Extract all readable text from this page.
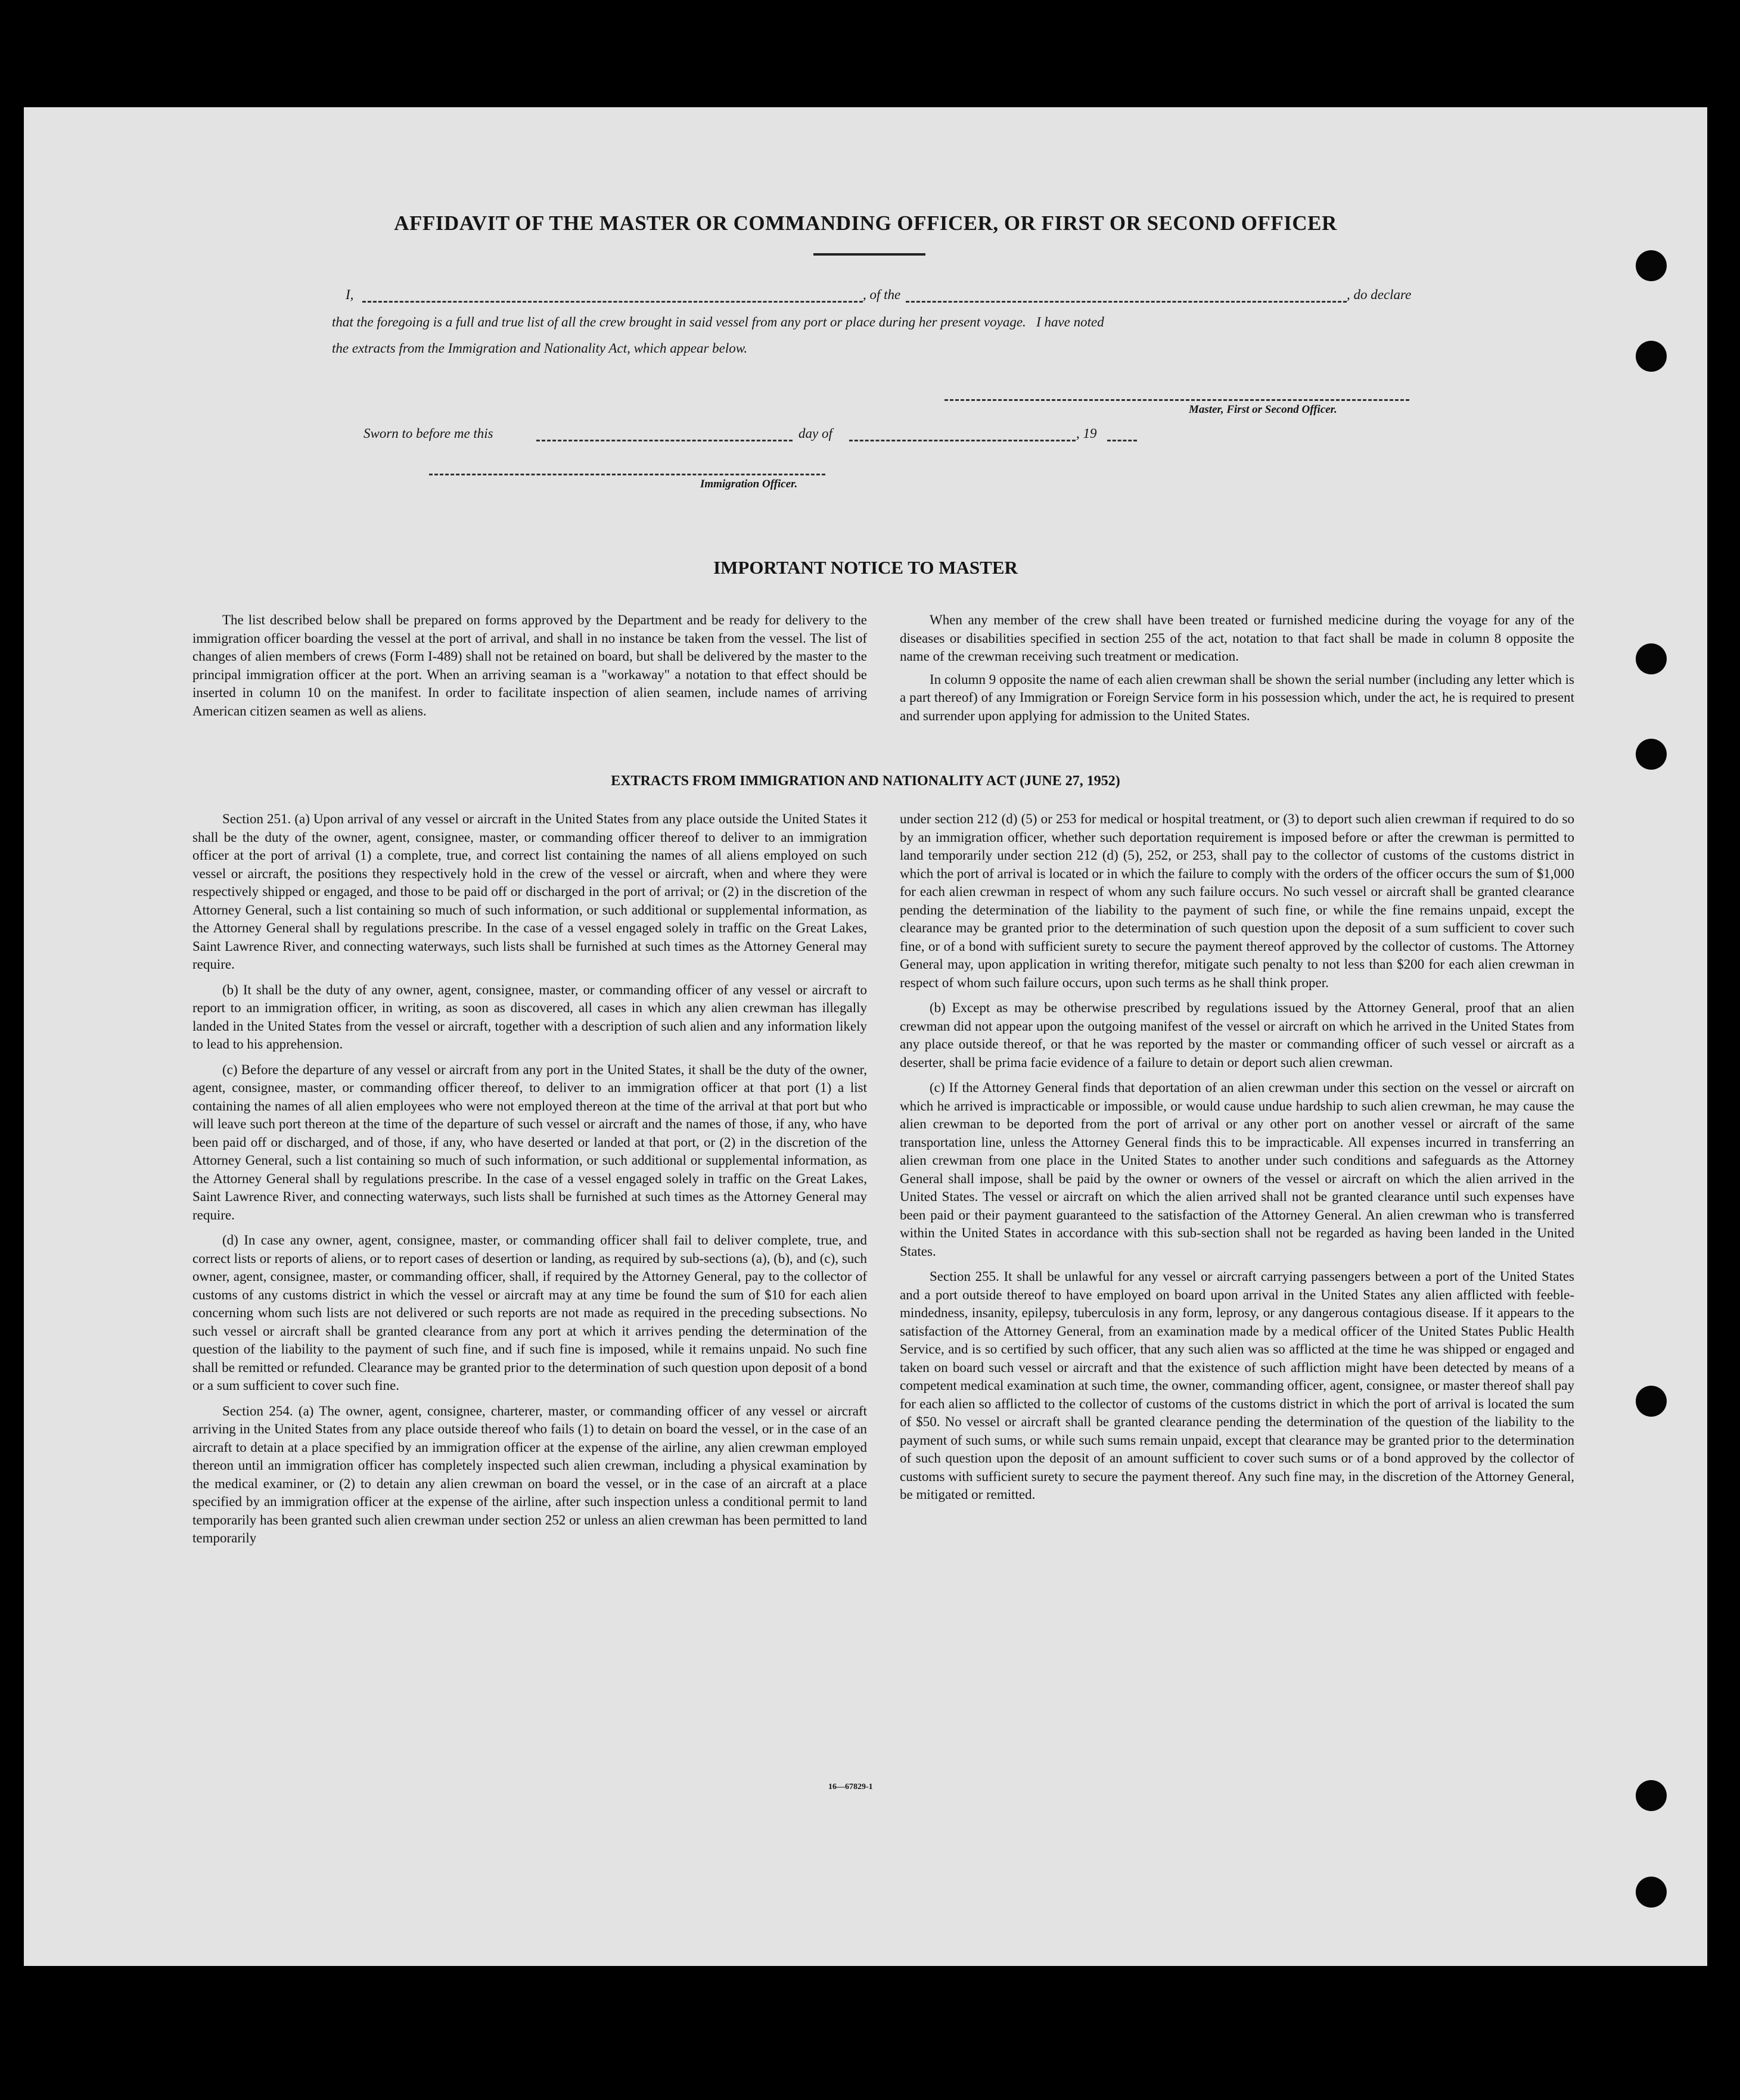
AFFIDAVIT OF THE MASTER OR COMMANDING OFFICER, OR FIRST OR SECOND OFFICER
I,	, of the	, do declare
that the foregoing is a full and true list of all the crew brought in said vessel from any port or place during her present voyage.   I have noted
the extracts from the Immigration and Nationality Act, which appear below.
Master, First or Second Officer.
Sworn to before me this	day of	, 19
Immigration Officer.
IMPORTANT NOTICE TO MASTER

The list described below shall be prepared on forms approved by the Department and be ready for delivery to the immigration officer boarding the vessel at the port of arrival, and shall in no instance be taken from the vessel. The list of changes of alien members of crews (Form I-489) shall not be retained on board, but shall be delivered by the master to the principal immigration officer at the port. When an arriving seaman is a "workaway" a notation to that effect should be inserted in column 10 on the manifest. In order to facilitate inspection of alien seamen, include names of arriving American citizen seamen as well as aliens.

When any member of the crew shall have been treated or furnished medicine during the voyage for any of the diseases or disabilities specified in section 255 of the act, notation to that fact shall be made in column 8 opposite the name of the crewman receiving such treatment or medication.

In column 9 opposite the name of each alien crewman shall be shown the serial number (including any letter which is a part thereof) of any Immigration or Foreign Service form in his possession which, under the act, he is required to present and surrender upon applying for admission to the United States.

EXTRACTS FROM IMMIGRATION AND NATIONALITY ACT (JUNE 27, 1952)

Section 251. (a) Upon arrival of any vessel or aircraft in the United States from any place outside the United States it shall be the duty of the owner, agent, consignee, master, or commanding officer thereof to deliver to an immigration officer at the port of arrival (1) a complete, true, and correct list containing the names of all aliens employed on such vessel or aircraft, the positions they respectively hold in the crew of the vessel or aircraft, when and where they were respectively shipped or engaged, and those to be paid off or discharged in the port of arrival; or (2) in the discretion of the Attorney General, such a list containing so much of such information, or such additional or supplemental information, as the Attorney General shall by regulations prescribe. In the case of a vessel engaged solely in traffic on the Great Lakes, Saint Lawrence River, and connecting waterways, such lists shall be furnished at such times as the Attorney General may require.

(b) It shall be the duty of any owner, agent, consignee, master, or commanding officer of any vessel or aircraft to report to an immigration officer, in writing, as soon as discovered, all cases in which any alien crewman has illegally landed in the United States from the vessel or aircraft, together with a description of such alien and any information likely to lead to his apprehension.

(c) Before the departure of any vessel or aircraft from any port in the United States, it shall be the duty of the owner, agent, consignee, master, or commanding officer thereof, to deliver to an immigration officer at that port (1) a list containing the names of all alien employees who were not employed thereon at the time of the arrival at that port but who will leave such port thereon at the time of the departure of such vessel or aircraft and the names of those, if any, who have been paid off or discharged, and of those, if any, who have deserted or landed at that port, or (2) in the discretion of the Attorney General, such a list containing so much of such information, or such additional or supplemental information, as the Attorney General shall by regulations prescribe. In the case of a vessel engaged solely in traffic on the Great Lakes, Saint Lawrence River, and connecting waterways, such lists shall be furnished at such times as the Attorney General may require.

(d) In case any owner, agent, consignee, master, or commanding officer shall fail to deliver complete, true, and correct lists or reports of aliens, or to report cases of desertion or landing, as required by sub-sections (a), (b), and (c), such owner, agent, consignee, master, or commanding officer, shall, if required by the Attorney General, pay to the collector of customs of any customs district in which the vessel or aircraft may at any time be found the sum of $10 for each alien concerning whom such lists are not delivered or such reports are not made as required in the preceding subsections. No such vessel or aircraft shall be granted clearance from any port at which it arrives pending the determination of the question of the liability to the payment of such fine, and if such fine is imposed, while it remains unpaid. No such fine shall be remitted or refunded. Clearance may be granted prior to the determination of such question upon deposit of a bond or a sum sufficient to cover such fine.

Section 254. (a) The owner, agent, consignee, charterer, master, or commanding officer of any vessel or aircraft arriving in the United States from any place outside thereof who fails (1) to detain on board the vessel, or in the case of an aircraft to detain at a place specified by an immigration officer at the expense of the airline, any alien crewman employed thereon until an immigration officer has completely inspected such alien crewman, including a physical examination by the medical examiner, or (2) to detain any alien crewman on board the vessel, or in the case of an aircraft at a place specified by an immigration officer at the expense of the airline, after such inspection unless a conditional permit to land temporarily has been granted such alien crewman under section 252 or unless an alien crewman has been permitted to land temporarily

under section 212 (d) (5) or 253 for medical or hospital treatment, or (3) to deport such alien crewman if required to do so by an immigration officer, whether such deportation requirement is imposed before or after the crewman is permitted to land temporarily under section 212 (d) (5), 252, or 253, shall pay to the collector of customs of the customs district in which the port of arrival is located or in which the failure to comply with the orders of the officer occurs the sum of $1,000 for each alien crewman in respect of whom any such failure occurs. No such vessel or aircraft shall be granted clearance pending the determination of the liability to the payment of such fine, or while the fine remains unpaid, except the clearance may be granted prior to the determination of such question upon the deposit of a sum sufficient to cover such fine, or of a bond with sufficient surety to secure the payment thereof approved by the collector of customs. The Attorney General may, upon application in writing therefor, mitigate such penalty to not less than $200 for each alien crewman in respect of whom such failure occurs, upon such terms as he shall think proper.

(b) Except as may be otherwise prescribed by regulations issued by the Attorney General, proof that an alien crewman did not appear upon the outgoing manifest of the vessel or aircraft on which he arrived in the United States from any place outside thereof, or that he was reported by the master or commanding officer of such vessel or aircraft as a deserter, shall be prima facie evidence of a failure to detain or deport such alien crewman.

(c) If the Attorney General finds that deportation of an alien crewman under this section on the vessel or aircraft on which he arrived is impracticable or impossible, or would cause undue hardship to such alien crewman, he may cause the alien crewman to be deported from the port of arrival or any other port on another vessel or aircraft of the same transportation line, unless the Attorney General finds this to be impracticable. All expenses incurred in transferring an alien crewman from one place in the United States to another under such conditions and safeguards as the Attorney General shall impose, shall be paid by the owner or owners of the vessel or aircraft on which the alien arrived in the United States. The vessel or aircraft on which the alien arrived shall not be granted clearance until such expenses have been paid or their payment guaranteed to the satisfaction of the Attorney General. An alien crewman who is transferred within the United States in accordance with this sub-section shall not be regarded as having been landed in the United States.

Section 255. It shall be unlawful for any vessel or aircraft carrying passengers between a port of the United States and a port outside thereof to have employed on board upon arrival in the United States any alien afflicted with feeble-mindedness, insanity, epilepsy, tuberculosis in any form, leprosy, or any dangerous contagious disease. If it appears to the satisfaction of the Attorney General, from an examination made by a medical officer of the United States Public Health Service, and is so certified by such officer, that any such alien was so afflicted at the time he was shipped or engaged and taken on board such vessel or aircraft and that the existence of such affliction might have been detected by means of a competent medical examination at such time, the owner, commanding officer, agent, consignee, or master thereof shall pay for each alien so afflicted to the collector of customs of the customs district in which the port of arrival is located the sum of $50. No vessel or aircraft shall be granted clearance pending the determination of the question of the liability to the payment of such sums, or while such sums remain unpaid, except that clearance may be granted prior to the determination of such question upon the deposit of an amount sufficient to cover such sums or of a bond approved by the collector of customs with sufficient surety to secure the payment thereof. Any such fine may, in the discretion of the Attorney General, be mitigated or remitted.

16—67829-1
